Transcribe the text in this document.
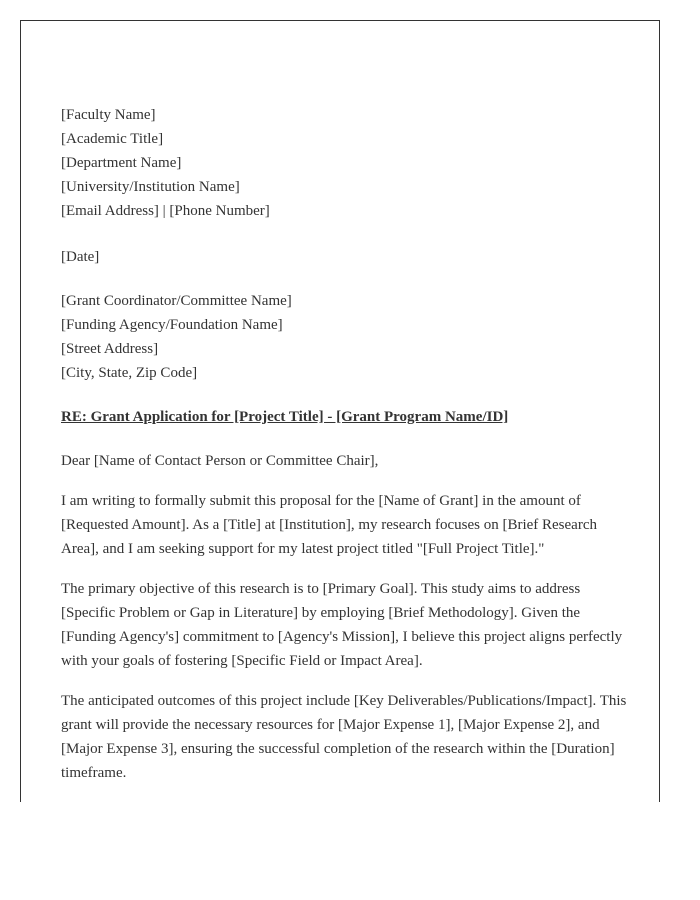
[Faculty Name]
[Academic Title]
[Department Name]
[University/Institution Name]
[Email Address] | [Phone Number]
[Date]
[Grant Coordinator/Committee Name]
[Funding Agency/Foundation Name]
[Street Address]
[City, State, Zip Code]
RE: Grant Application for [Project Title] - [Grant Program Name/ID]
Dear [Name of Contact Person or Committee Chair],

I am writing to formally submit this proposal for the [Name of Grant] in the amount of [Requested Amount]. As a [Title] at [Institution], my research focuses on [Brief Research Area], and I am seeking support for my latest project titled "[Full Project Title]."

The primary objective of this research is to [Primary Goal]. This study aims to address [Specific Problem or Gap in Literature] by employing [Brief Methodology]. Given the [Funding Agency's] commitment to [Agency's Mission], I believe this project aligns perfectly with your goals of fostering [Specific Field or Impact Area].

The anticipated outcomes of this project include [Key Deliverables/Publications/Impact]. This grant will provide the necessary resources for [Major Expense 1], [Major Expense 2], and [Major Expense 3], ensuring the successful completion of the research within the [Duration] timeframe.
